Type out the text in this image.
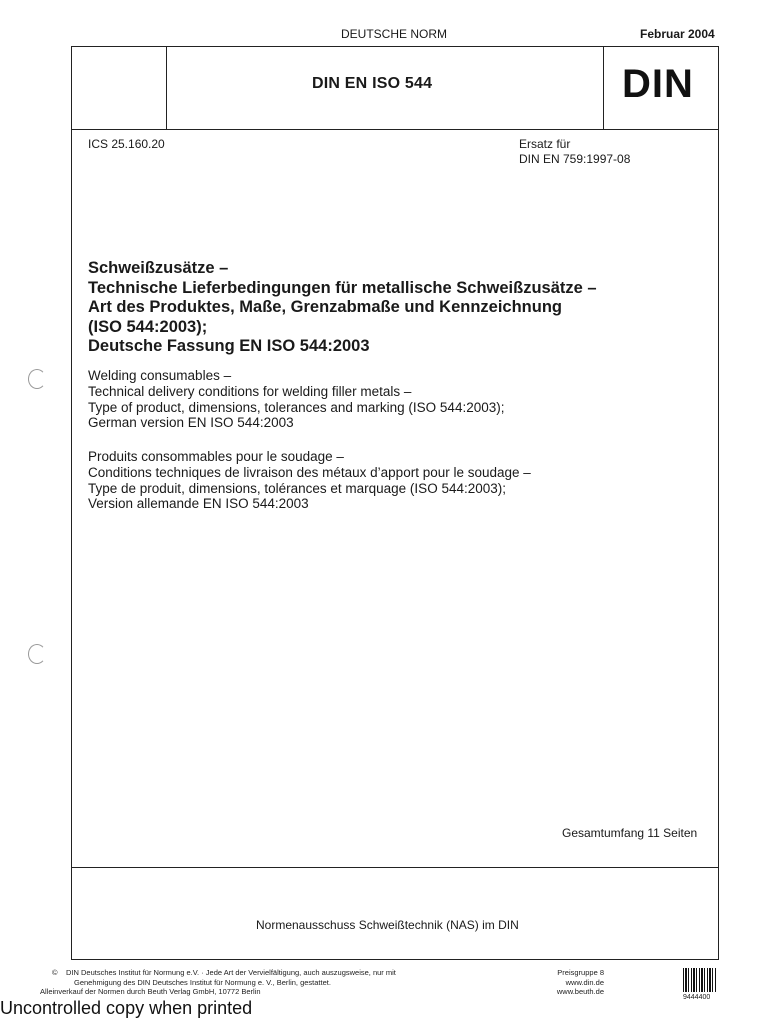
DEUTSCHE NORM	Februar 2004
DIN EN ISO 544	DIN
ICS 25.160.20	Ersatz für
DIN EN 759:1997-08
Schweißzusätze –
Technische Lieferbedingungen für metallische Schweißzusätze –
Art des Produktes, Maße, Grenzabmaße und Kennzeichnung
(ISO 544:2003);
Deutsche Fassung EN ISO 544:2003
Welding consumables –
Technical delivery conditions for welding filler metals –
Type of product, dimensions, tolerances and marking (ISO 544:2003);
German version EN ISO 544:2003
Produits consommables pour le soudage –
Conditions techniques de livraison des métaux d’apport pour le soudage –
Type de produit, dimensions, tolérances et marquage (ISO 544:2003);
Version allemande EN ISO 544:2003
Gesamtumfang 11 Seiten
Normenausschuss Schweißtechnik (NAS) im DIN
© DIN Deutsches Institut für Normung e.V. · Jede Art der Vervielfältigung, auch auszugsweise, nur mit
Genehmigung des DIN Deutsches Institut für Normung e. V., Berlin, gestattet.
Alleinverkauf der Normen durch Beuth Verlag GmbH, 10772 Berlin
Preisgruppe 8
www.din.de
www.beuth.de
9444400
Uncontrolled copy when printed
